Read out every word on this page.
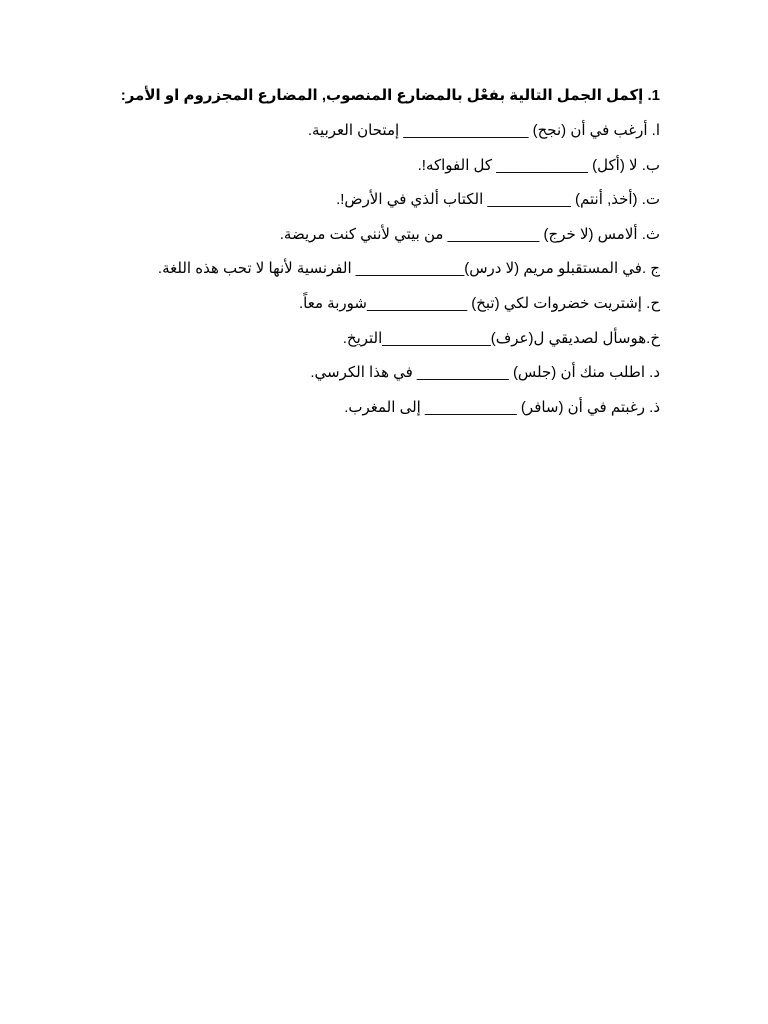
1. إكمل الجمل التالية بفعْل بالمضارع المنصوب, المضارع المجزروم او الأمر:
ا. أرغب في أن (نجح) _______________ إمتحان العربية.
ب. لا (أكل) ___________ كل الفواكه!.
ت. (أخذ, أنتم) __________ الكتاب ألذي في الأرض!.
ث. ألامس (لا خرج) ___________ من بيتي لأنني كنت مريضة.
ج .في المستقبلو مريم (لا درس)_____________ الفرنسية لأنها لا تحب هذه اللغة.
ح. إشتريت خضروات لكي (تبخ) ____________شوربة معاً.
خ.هوسأل لصديقي ل(عرف)_____________التريخ.
د. اطلب منك أن (جلس) ___________ في هذا الكرسي.
ذ. رغبتم في أن (سافر) ___________ إلى المغرب.
